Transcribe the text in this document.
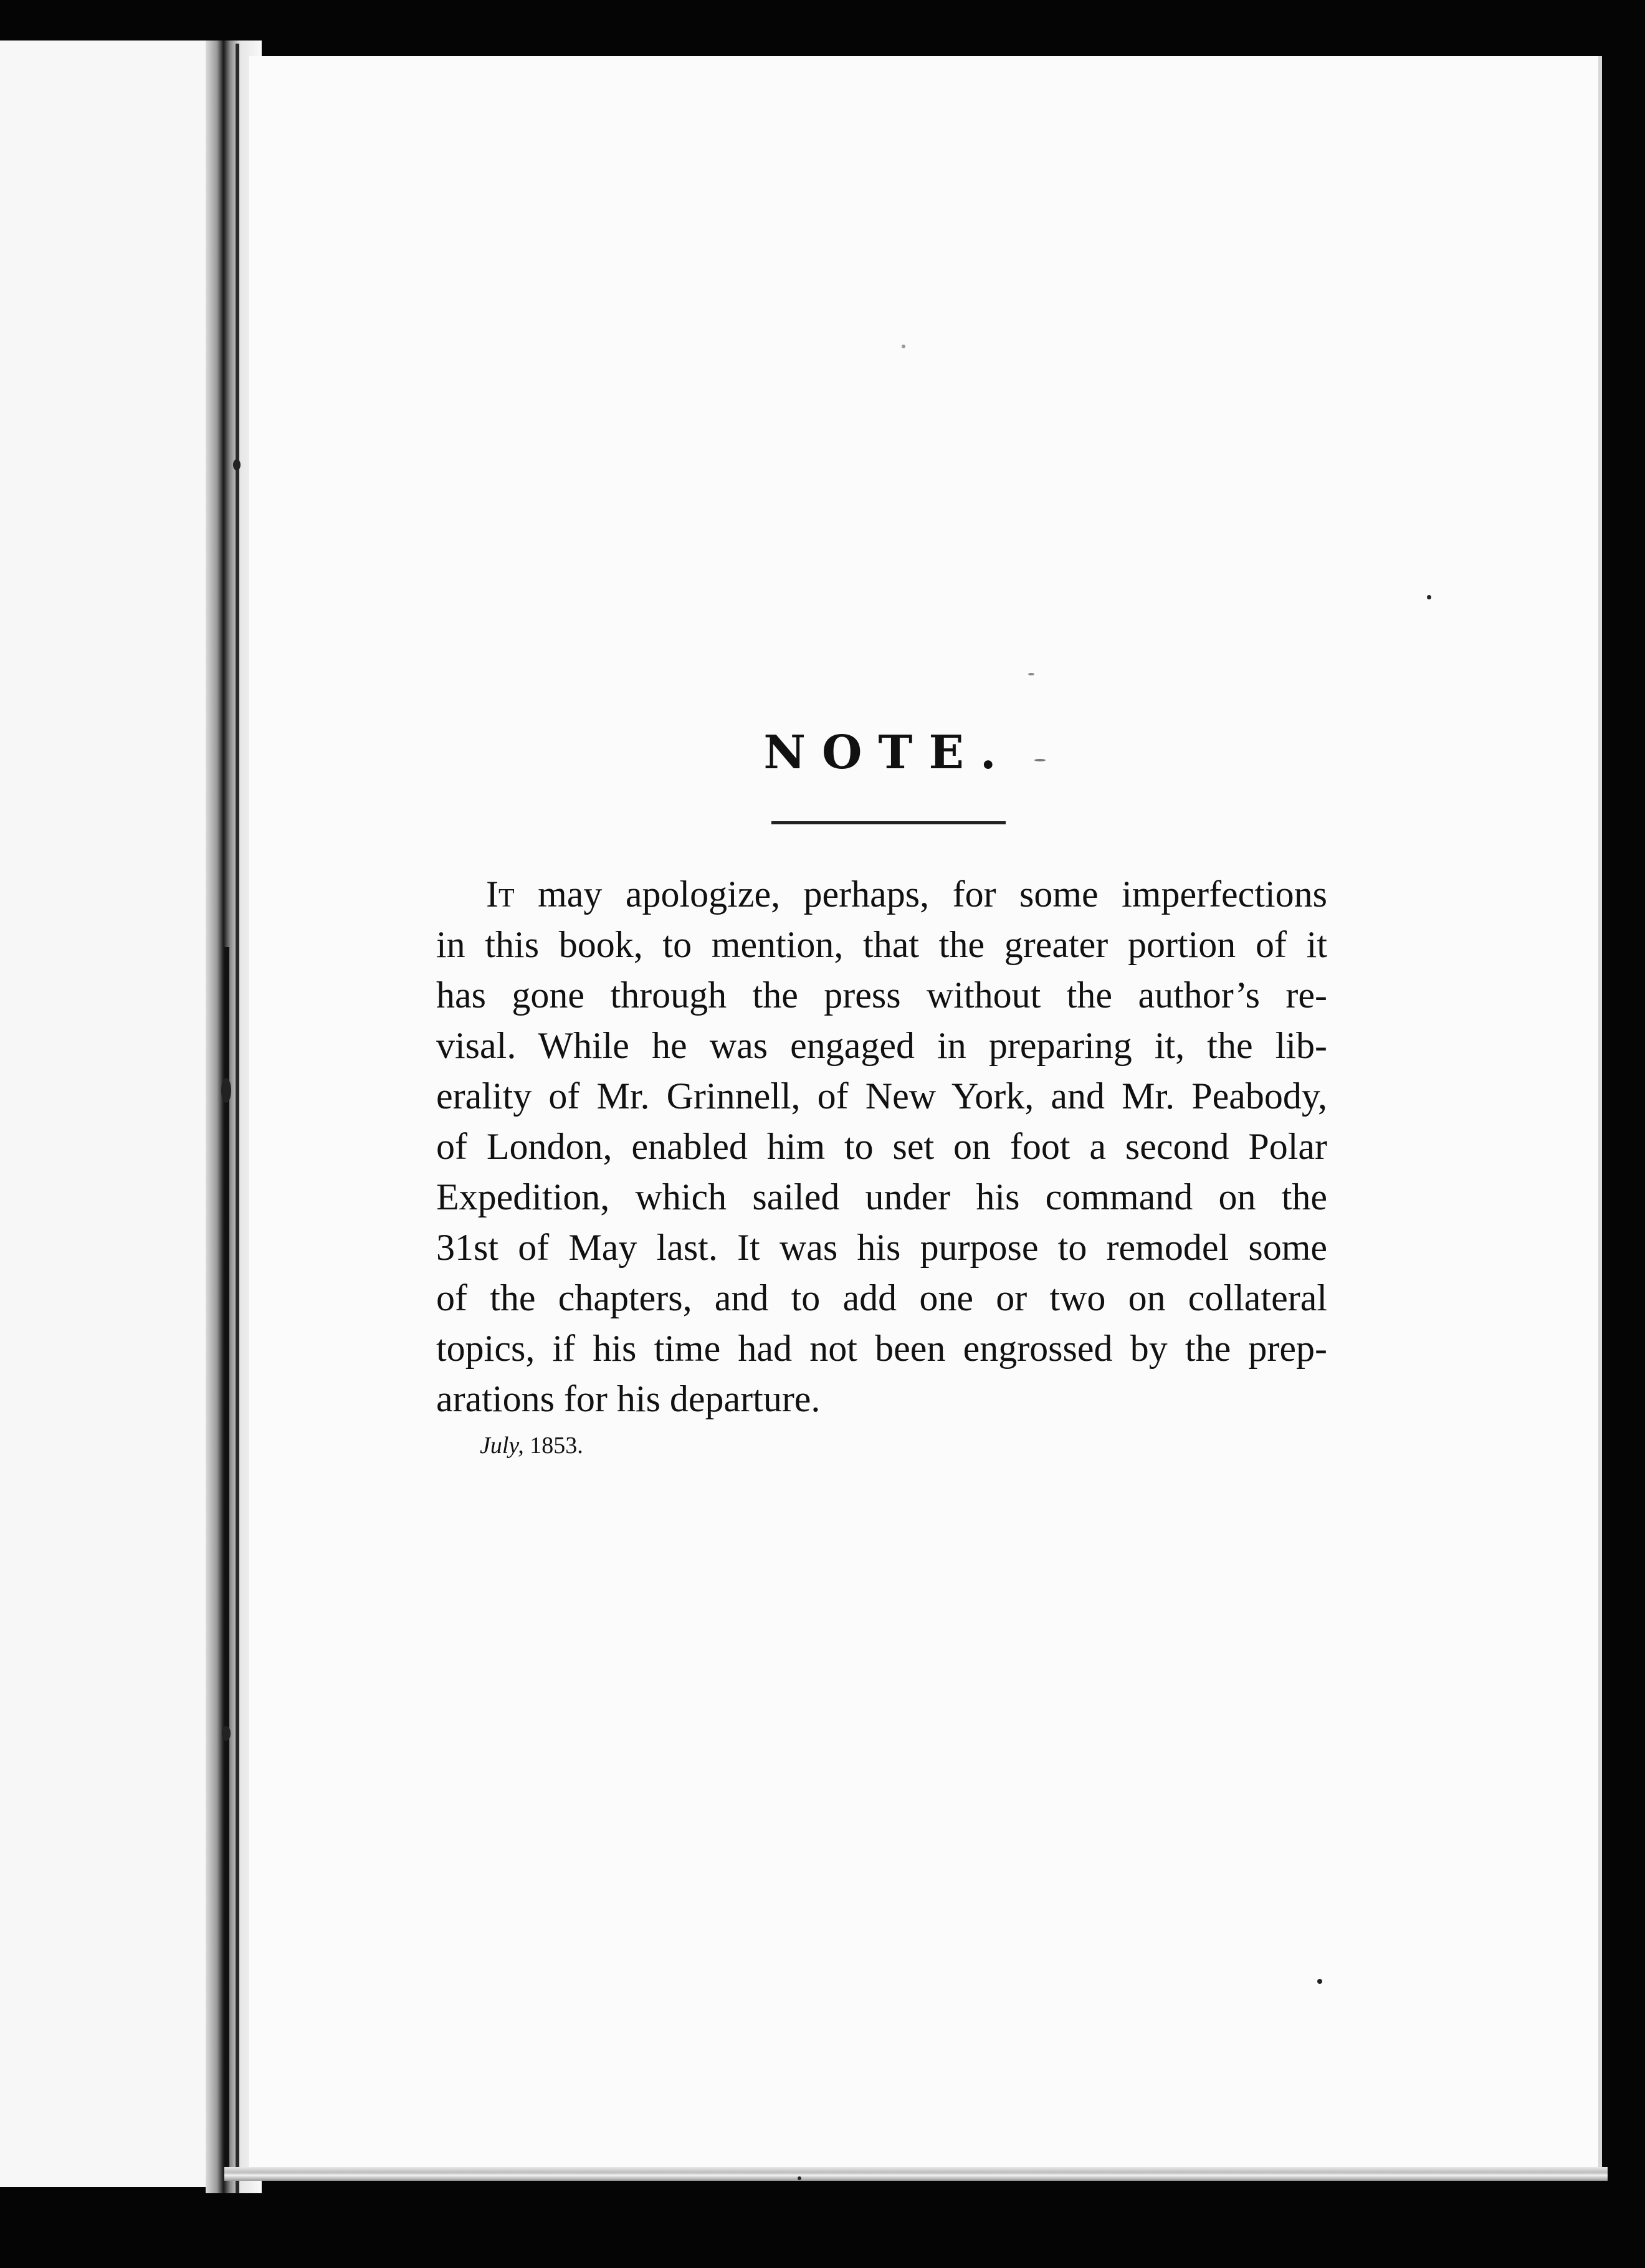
NOTE.
It may apologize, perhaps, for some imperfections
in this book, to mention, that the greater portion of it
has gone through the press without the author’s re-
visal. While he was engaged in preparing it, the lib-
erality of Mr. Grinnell, of New York, and Mr. Peabody,
of London, enabled him to set on foot a second Polar
Expedition, which sailed under his command on the
31st of May last. It was his purpose to remodel some
of the chapters, and to add one or two on collateral
topics, if his time had not been engrossed by the prep-
arations for his departure.
July, 1853.
